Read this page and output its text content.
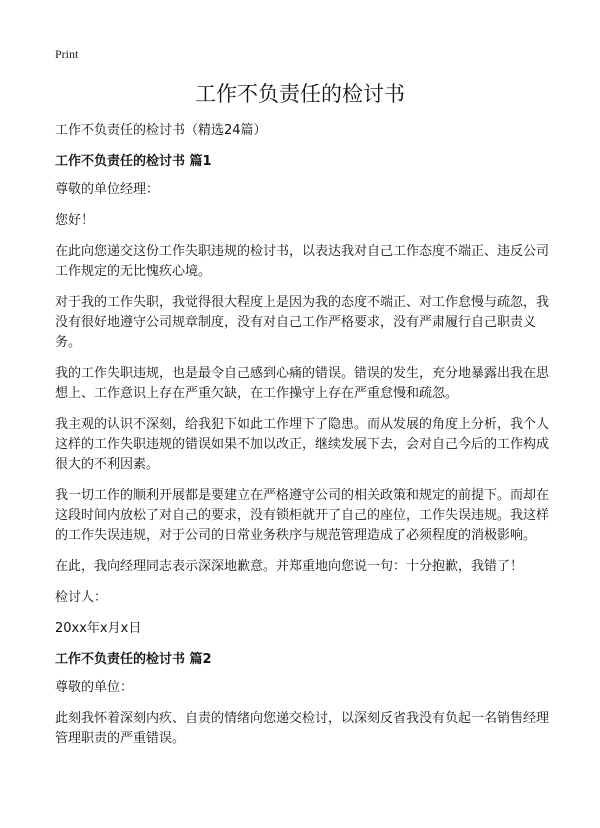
Print
工作不负责任的检讨书

工作不负责任的检讨书（精选24篇）

工作不负责任的检讨书 篇1

尊敬的单位经理：

您好！

在此向您递交这份工作失职违规的检讨书，以表达我对自己工作态度不端正、违反公司工作规定的无比愧疚心境。

对于我的工作失职，我觉得很大程度上是因为我的态度不端正、对工作怠慢与疏忽，我没有很好地遵守公司规章制度，没有对自己工作严格要求，没有严肃履行自己职责义务。

我的工作失职违规，也是最令自己感到心痛的错误。错误的发生，充分地暴露出我在思想上、工作意识上存在严重欠缺，在工作操守上存在严重怠慢和疏忽。

我主观的认识不深刻，给我犯下如此工作埋下了隐患。而从发展的角度上分析，我个人这样的工作失职违规的错误如果不加以改正，继续发展下去，会对自己今后的工作构成很大的不利因素。

我一切工作的顺利开展都是要建立在严格遵守公司的相关政策和规定的前提下。而却在这段时间内放松了对自己的要求，没有锁柜就开了自己的座位，工作失误违规。我这样的工作失误违规，对于公司的日常业务秩序与规范管理造成了必须程度的消极影响。

在此，我向经理同志表示深深地歉意。并郑重地向您说一句：十分抱歉，我错了！

检讨人：

20xx年x月x日

工作不负责任的检讨书 篇2

尊敬的单位：

此刻我怀着深刻内疚、自责的情绪向您递交检讨，以深刻反省我没有负起一名销售经理管理职责的严重错误。
